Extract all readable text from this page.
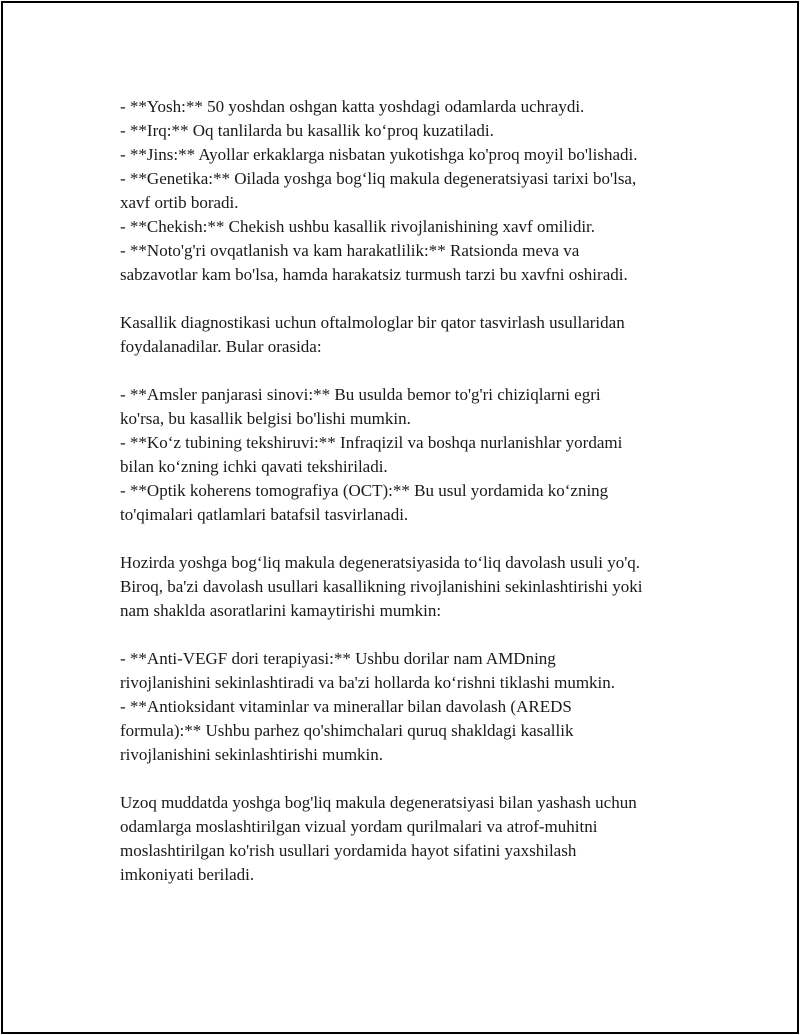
- **Yosh:** 50 yoshdan oshgan katta yoshdagi odamlarda uchraydi.
- **Irq:** Oq tanlilarda bu kasallik ko‘proq kuzatiladi.
- **Jins:** Ayollar erkaklarga nisbatan yukotishga ko'proq moyil bo'lishadi.
- **Genetika:** Oilada yoshga bog‘liq makula degeneratsiyasi tarixi bo'lsa,
xavf ortib boradi.
- **Chekish:** Chekish ushbu kasallik rivojlanishining xavf omilidir.
- **Noto'g'ri ovqatlanish va kam harakatlilik:** Ratsionda meva va
sabzavotlar kam bo'lsa, hamda harakatsiz turmush tarzi bu xavfni oshiradi.
Kasallik diagnostikasi uchun oftalmologlar bir qator tasvirlash usullaridan
foydalanadilar. Bular orasida:
- **Amsler panjarasi sinovi:** Bu usulda bemor to'g'ri chiziqlarni egri
ko'rsa, bu kasallik belgisi bo'lishi mumkin.
- **Ko‘z tubining tekshiruvi:** Infraqizil va boshqa nurlanishlar yordami
bilan ko‘zning ichki qavati tekshiriladi.
- **Optik koherens tomografiya (OCT):** Bu usul yordamida ko‘zning
to'qimalari qatlamlari batafsil tasvirlanadi.
Hozirda yoshga bog‘liq makula degeneratsiyasida to‘liq davolash usuli yo'q.
Biroq, ba'zi davolash usullari kasallikning rivojlanishini sekinlashtirishi yoki
nam shaklda asoratlarini kamaytirishi mumkin:
- **Anti-VEGF dori terapiyasi:** Ushbu dorilar nam AMDning
rivojlanishini sekinlashtiradi va ba'zi hollarda ko‘rishni tiklashi mumkin.
- **Antioksidant vitaminlar va minerallar bilan davolash (AREDS
formula):** Ushbu parhez qo'shimchalari quruq shakldagi kasallik
rivojlanishini sekinlashtirishi mumkin.
Uzoq muddatda yoshga bog'liq makula degeneratsiyasi bilan yashash uchun
odamlarga moslashtirilgan vizual yordam qurilmalari va atrof-muhitni
moslashtirilgan ko'rish usullari yordamida hayot sifatini yaxshilash
imkoniyati beriladi.
